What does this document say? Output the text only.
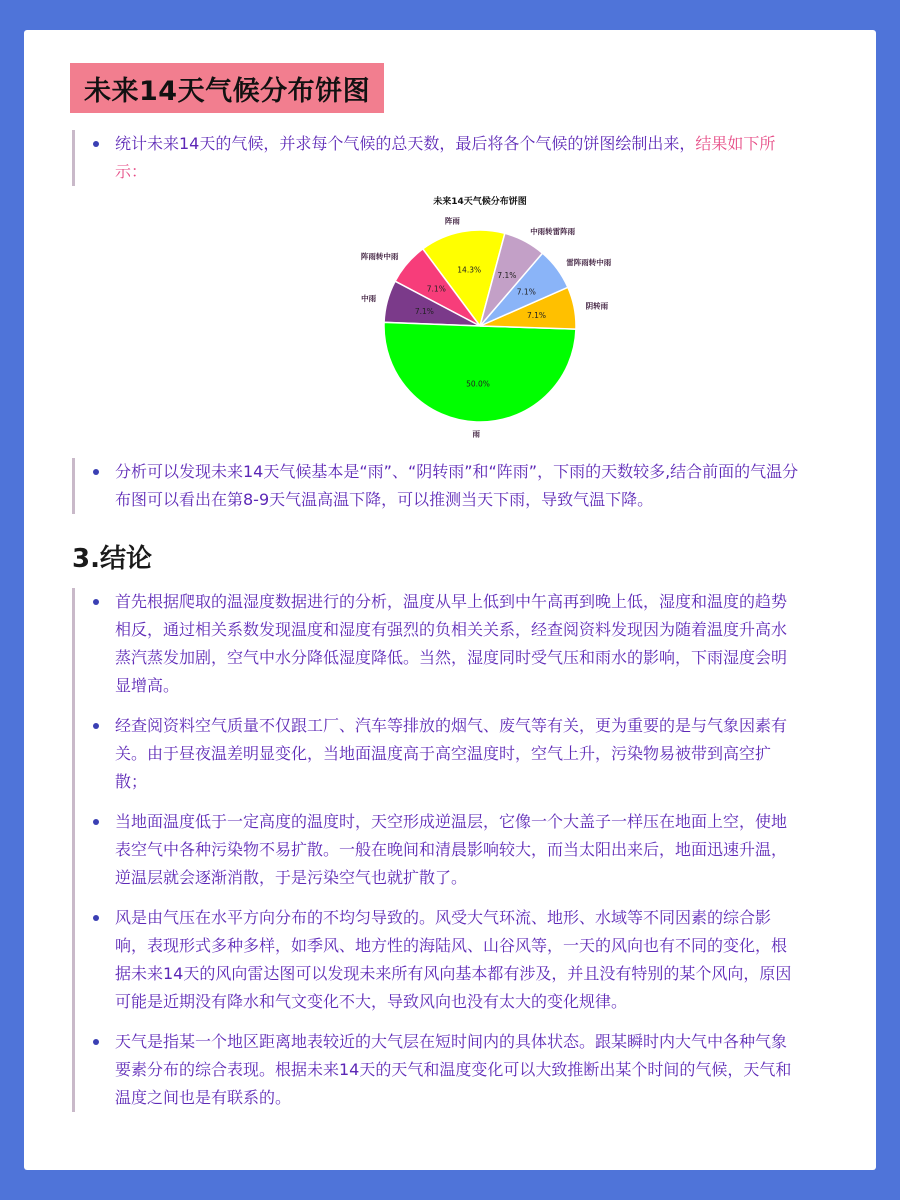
未来14天气候分布饼图
统计未来14天的气候，并求每个气候的总天数，最后将各个气候的饼图绘制出来，结果如下所示：
未来14天气候分布饼图
14.3%
阵雨
7.1%
阵雨转中雨
7.1%
中雨
50.0%
雨
7.1%
阴转雨
7.1%
雷阵雨转中雨
7.1%
中雨转雷阵雨
分析可以发现未来14天气候基本是“雨”、“阴转雨”和“阵雨”，下雨的天数较多,结合前面的气温分布图可以看出在第8-9天气温高温下降，可以推测当天下雨，导致气温下降。
3.结论
首先根据爬取的温湿度数据进行的分析，温度从早上低到中午高再到晚上低，湿度和温度的趋势相反，通过相关系数发现温度和湿度有强烈的负相关关系，经查阅资料发现因为随着温度升高水蒸汽蒸发加剧，空气中水分降低湿度降低。当然，湿度同时受气压和雨水的影响，下雨湿度会明显增高。
经查阅资料空气质量不仅跟工厂、汽车等排放的烟气、废气等有关，更为重要的是与气象因素有关。由于昼夜温差明显变化，当地面温度高于高空温度时，空气上升，污染物易被带到高空扩散；
当地面温度低于一定高度的温度时，天空形成逆温层，它像一个大盖子一样压在地面上空，使地表空气中各种污染物不易扩散。一般在晚间和清晨影响较大，而当太阳出来后，地面迅速升温，逆温层就会逐渐消散，于是污染空气也就扩散了。
风是由气压在水平方向分布的不均匀导致的。风受大气环流、地形、水域等不同因素的综合影响，表现形式多种多样，如季风、地方性的海陆风、山谷风等，一天的风向也有不同的变化，根据未来14天的风向雷达图可以发现未来所有风向基本都有涉及，并且没有特别的某个风向，原因可能是近期没有降水和气文变化不大，导致风向也没有太大的变化规律。
天气是指某一个地区距离地表较近的大气层在短时间内的具体状态。跟某瞬时内大气中各种气象要素分布的综合表现。根据未来14天的天气和温度变化可以大致推断出某个时间的气候，天气和温度之间也是有联系的。
